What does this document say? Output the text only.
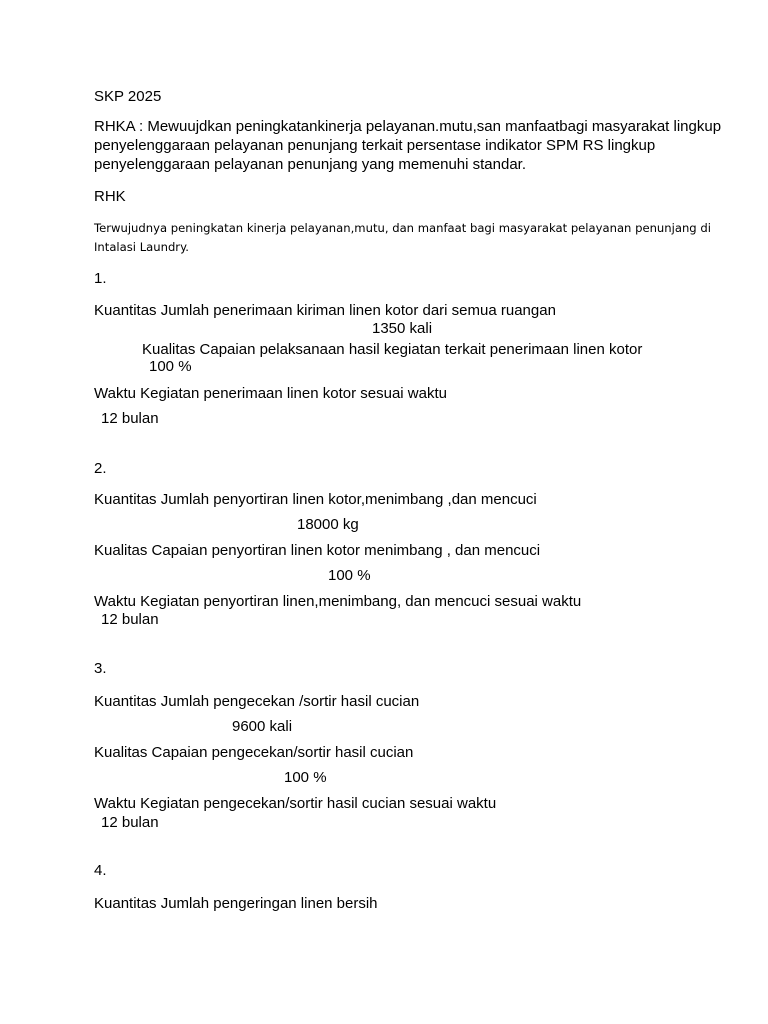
SKP 2025
RHKA : Mewuujdkan peningkatankinerja pelayanan.mutu,san manfaatbagi masyarakat lingkup penyelenggaraan pelayanan penunjang terkait persentase indikator SPM RS lingkup penyelenggaraan pelayanan penunjang yang memenuhi standar.
RHK
Terwujudnya peningkatan kinerja pelayanan,mutu, dan manfaat bagi masyarakat pelayanan penunjang di Intalasi Laundry.
1.
Kuantitas Jumlah penerimaan kiriman linen kotor dari semua ruangan
1350 kali
Kualitas Capaian pelaksanaan hasil kegiatan terkait penerimaan linen kotor
100 %
Waktu Kegiatan penerimaan linen kotor sesuai waktu
12 bulan
2.
Kuantitas Jumlah penyortiran linen kotor,menimbang ,dan mencuci
18000 kg
Kualitas Capaian penyortiran linen kotor menimbang , dan mencuci
100 %
Waktu Kegiatan penyortiran linen,menimbang, dan mencuci sesuai waktu
12 bulan
3.
Kuantitas Jumlah pengecekan /sortir hasil cucian
9600 kali
Kualitas Capaian pengecekan/sortir hasil cucian
100 %
Waktu Kegiatan pengecekan/sortir hasil cucian sesuai waktu
12 bulan
4.
Kuantitas Jumlah pengeringan linen bersih
